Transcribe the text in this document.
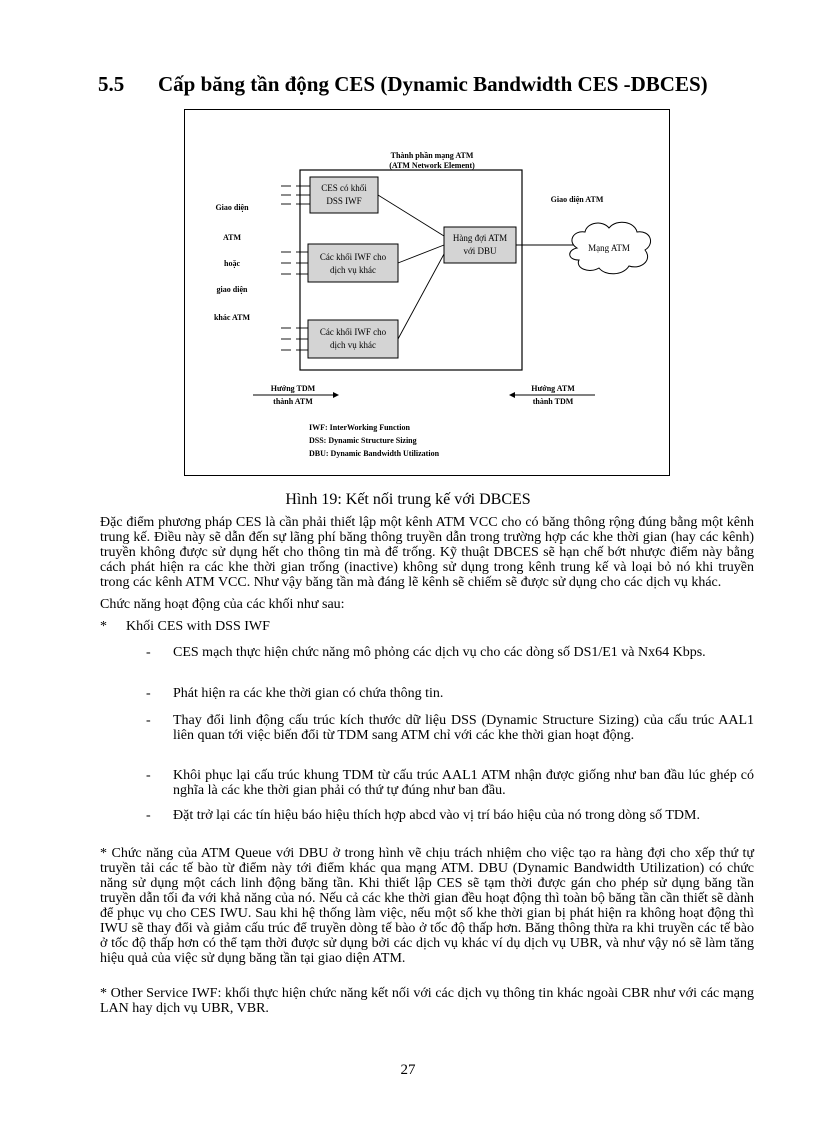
5.5 Cấp băng tần động CES (Dynamic Bandwidth CES -DBCES)
Thành phần mạng ATM
(ATM Network Element)
CES có khối
DSS IWF
Các khối IWF cho
dịch vụ khác
Các khối IWF cho
dịch vụ khác
Hàng đợi ATM
với DBU	Mạng ATM
Giao diện ATM
Giao diện
ATM
hoặc
giao diện
khác ATM
Hướng TDM
thành ATM
Hướng ATM
thành TDM
IWF: InterWorking Function
DSS: Dynamic Structure Sizing
DBU: Dynamic Bandwidth Utilization
Hình 19: Kết nối trung kế với DBCES

Đặc điểm phương pháp CES là cần phải thiết lập một kênh ATM VCC cho có băng thông rộng đúng bằng một kênh trung kế. Điều này sẽ dẫn đến sự lãng phí băng thông truyền dẫn trong trường hợp các khe thời gian (hay các kênh) truyền không được sử dụng hết cho thông tin mà để trống. Kỹ thuật DBCES sẽ hạn chế bớt nhược điểm này bằng cách phát hiện ra các khe thời gian trống (inactive) không sử dụng trong kênh trung kế và loại bỏ nó khi truyền trong các kênh ATM VCC. Như vậy băng tần mà đáng lẽ kênh sẽ chiếm sẽ được sử dụng cho các dịch vụ khác.

Chức năng hoạt động của các khối như sau:

* Khối CES with DSS IWF
- CES mạch thực hiện chức năng mô phỏng các dịch vụ cho các dòng số DS1/E1 và Nx64 Kbps.
- Phát hiện ra các khe thời gian có chứa thông tin.
- Thay đổi linh động cấu trúc kích thước dữ liệu DSS (Dynamic Structure Sizing) của cấu trúc AAL1 liên quan tới việc biến đổi từ TDM sang ATM chỉ với các khe thời gian hoạt động.
- Khôi phục lại cấu trúc khung TDM từ cấu trúc AAL1 ATM nhận được giống như ban đầu lúc ghép có nghĩa là các khe thời gian phải có thứ tự đúng như ban đầu.
- Đặt trở lại các tín hiệu báo hiệu thích hợp abcd vào vị trí báo hiệu của nó trong dòng số TDM.

* Chức năng của ATM Queue với DBU ở trong hình vẽ chịu trách nhiệm cho việc tạo ra hàng đợi cho xếp thứ tự truyền tải các tế bào từ điểm này tới điểm khác qua mạng ATM. DBU (Dynamic Bandwidth Utilization) có chức năng sử dụng một cách linh động băng tần. Khi thiết lập CES sẽ tạm thời được gán cho phép sử dụng băng tần truyền dẫn tối đa với khả năng của nó. Nếu cả các khe thời gian đều hoạt động thì toàn bộ băng tần cần thiết sẽ dành để phục vụ cho CES IWU. Sau khi hệ thống làm việc, nếu một số khe thời gian bị phát hiện ra không hoạt động thì IWU sẽ thay đổi và giảm cấu trúc để truyền dòng tế bào ở tốc độ thấp hơn. Băng thông thừa ra khi truyền các tế bào ở tốc độ thấp hơn có thể tạm thời được sử dụng bởi các dịch vụ khác ví dụ dịch vụ UBR, và như vậy nó sẽ làm tăng hiệu quả của việc sử dụng băng tần tại giao diện ATM.

* Other Service IWF: khối thực hiện chức năng kết nối với các dịch vụ thông tin khác ngoài CBR như với các mạng LAN hay dịch vụ UBR, VBR.

27
